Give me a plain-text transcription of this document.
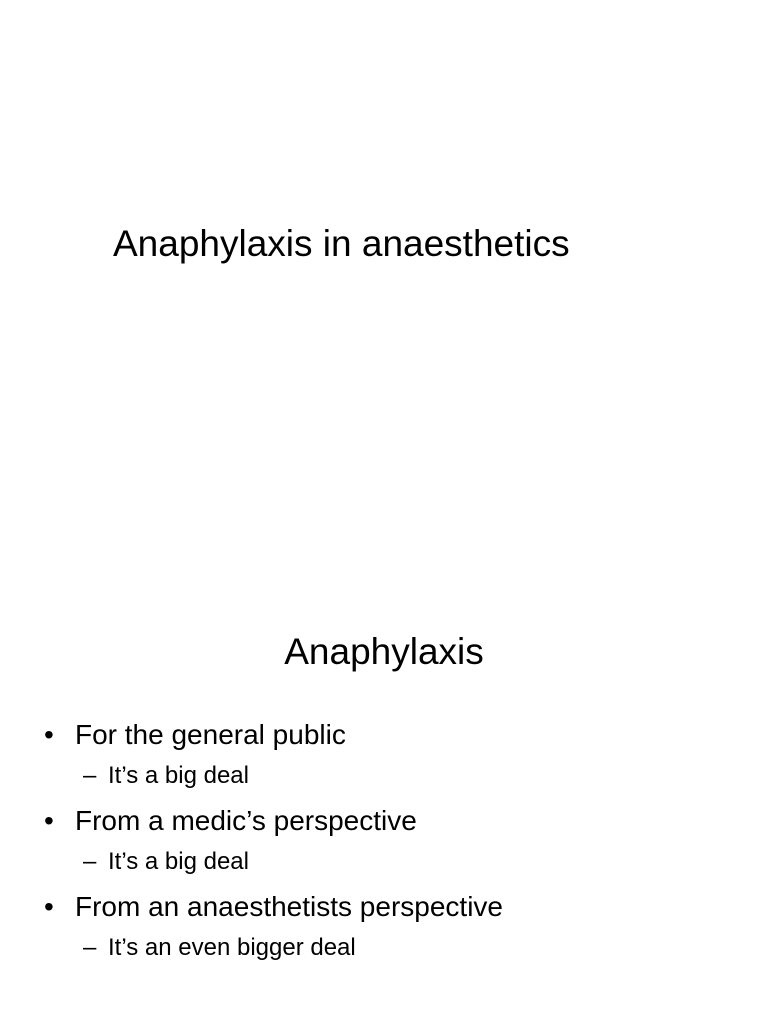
Anaphylaxis in anaesthetics
Anaphylaxis
• For the general public
– It’s a big deal
• From a medic’s perspective
– It’s a big deal
• From an anaesthetists perspective
– It’s an even bigger deal
